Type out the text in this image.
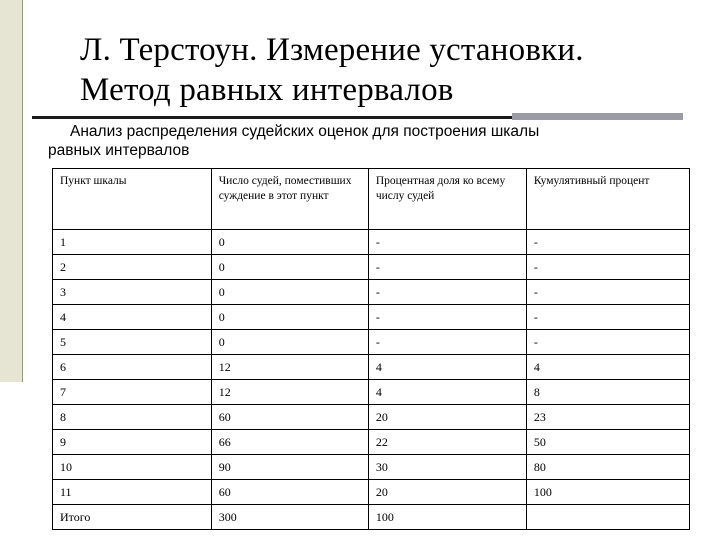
Л. Терстоун. Измерение установки.
Метод равных интервалов

Анализ распределения судейских оценок для построения шкалы
равных интервалов

Пункт шкалы	Число судей, поместивших суждение в этот пункт	Процентная доля ко всему числу судей	Кумулятивный процент
1	0	-	-
2	0	-	-
3	0	-	-
4	0	-	-
5	0	-	-
6	12	4	4
7	12	4	8
8	60	20	23
9	66	22	50
10	90	30	80
11	60	20	100
Итого	300	100	
